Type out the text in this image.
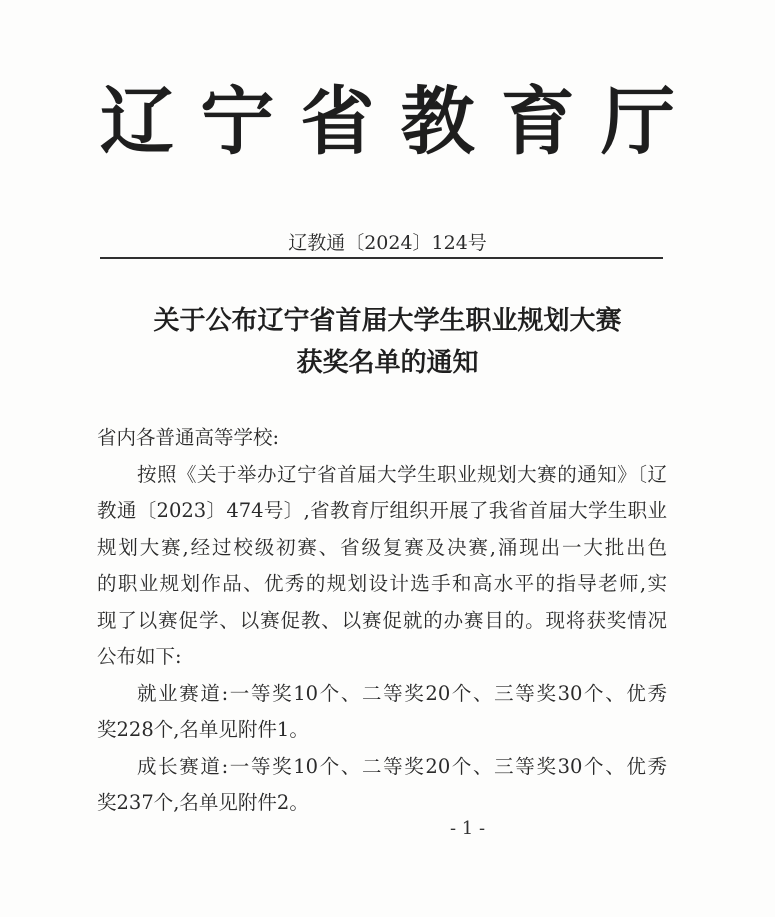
辽 宁 省 教 育 厅
辽教通〔2024〕124号
关于公布辽宁省首届大学生职业规划大赛
获奖名单的通知
省内各普通高等学校:
按照《关于举办辽宁省首届大学生职业规划大赛的通知》〔辽
教通〔2023〕474号〕,省教育厅组织开展了我省首届大学生职业
规划大赛,经过校级初赛、省级复赛及决赛,涌现出一大批出色
的职业规划作品、优秀的规划设计选手和高水平的指导老师,实
现了以赛促学、以赛促教、以赛促就的办赛目的。现将获奖情况
公布如下:
就业赛道:一等奖10个、二等奖20个、三等奖30个、优秀
奖228个,名单见附件1。
成长赛道:一等奖10个、二等奖20个、三等奖30个、优秀
奖237个,名单见附件2。
- 1 -
